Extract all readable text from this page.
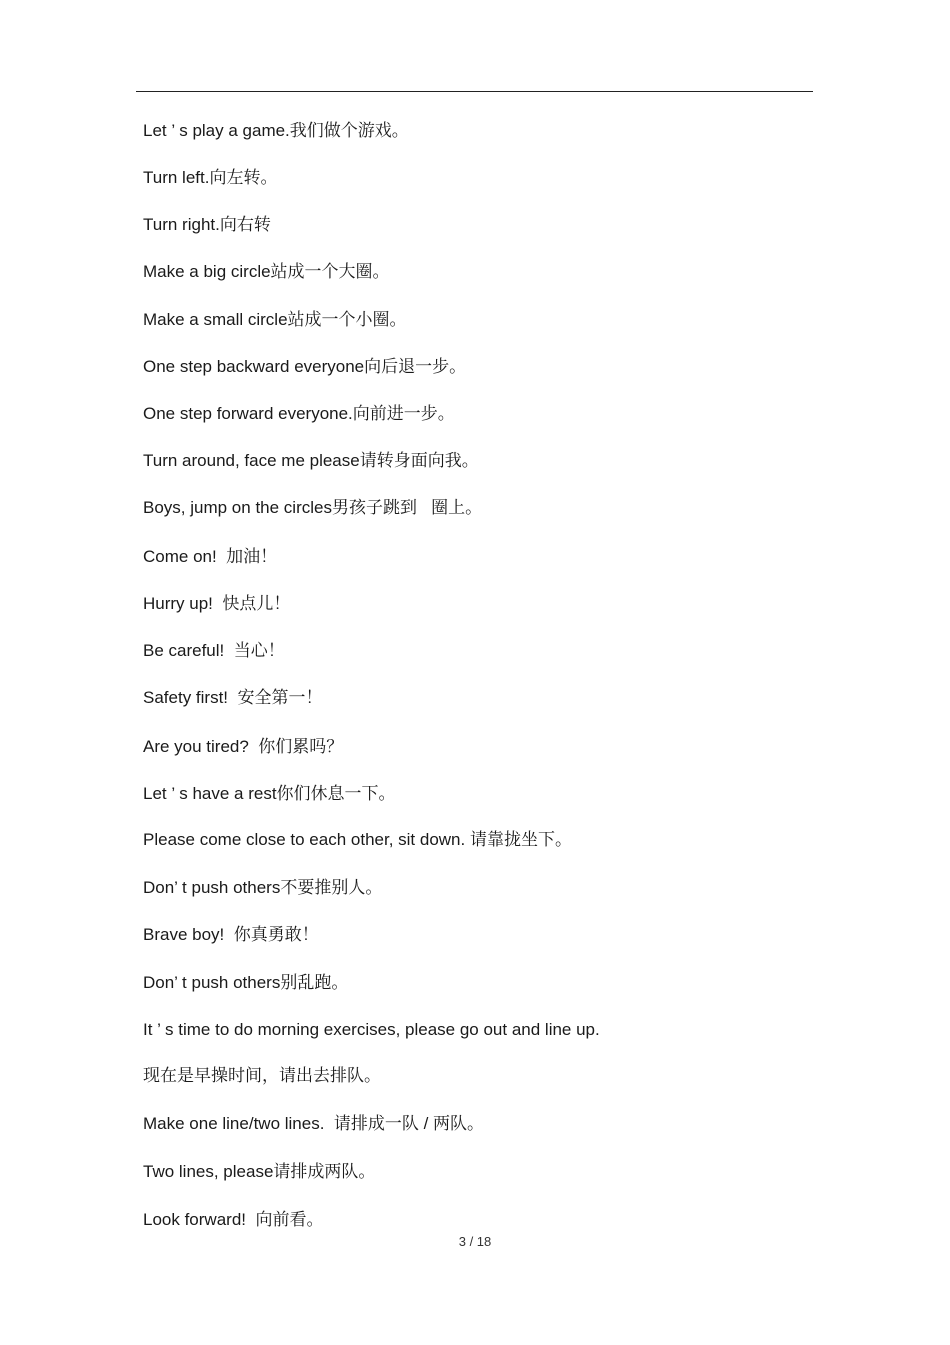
Let ’ s play a game.我们做个游戏。
Turn left.向左转。
Turn right.向右转
Make a big circle站成一个大圈。
Make a small circle站成一个小圈。
One step backward everyone向后退一步。
One step forward everyone.向前进一步。
Turn around, face me please请转身面向我。
Boys, jump on the circles男孩子跳到   圈上。
Come on!  加油！
Hurry up!  快点儿！
Be careful!  当心！
Safety first!  安全第一！
Are you tired?  你们累吗？
Let ’ s have a rest你们休息一下。
Please come close to each other, sit down. 请靠拢坐下。
Don’ t push others不要推别人。
Brave boy!  你真勇敢！
Don’ t push others别乱跑。
It ’ s time to do morning exercises, please go out and line up.
现在是早操时间，请出去排队。
Make one line/two lines.  请排成一队 / 两队。
Two lines, please请排成两队。
Look forward!  向前看。
3 / 18
